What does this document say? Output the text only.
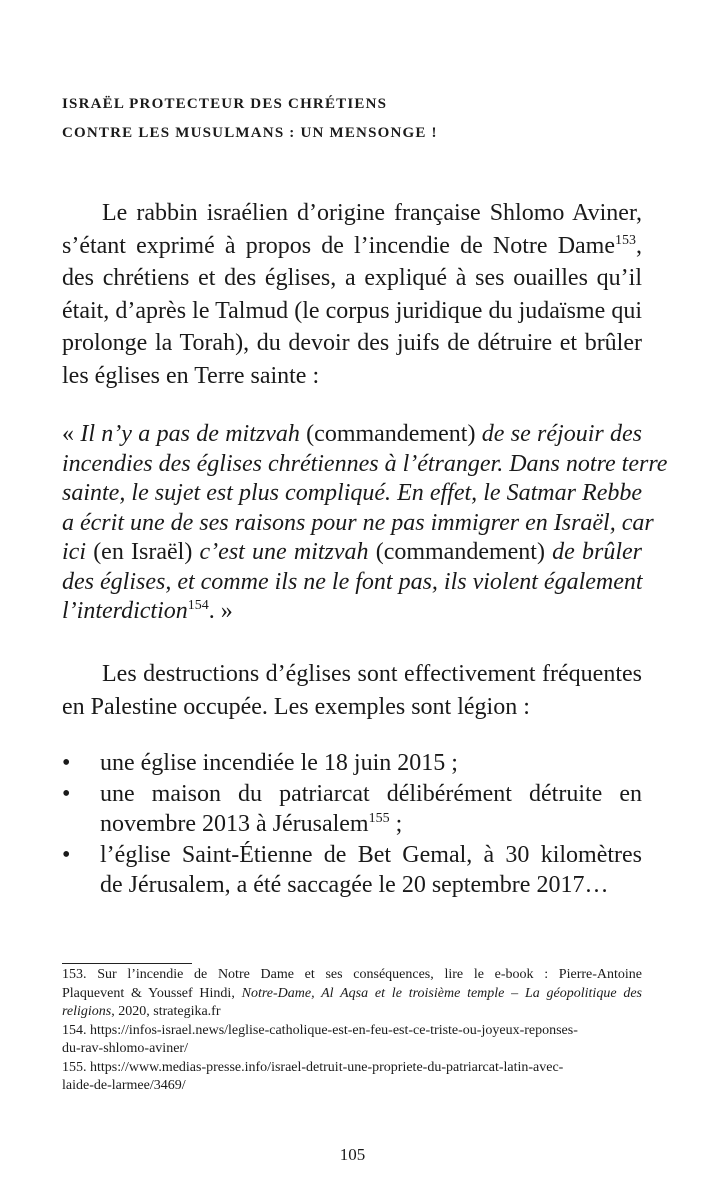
ISRAËL PROTECTEUR DES CHRÉTIENS
CONTRE LES MUSULMANS : UN MENSONGE !
Le rabbin israélien d’origine française Shlomo Aviner,
s’étant exprimé à propos de l’incendie de Notre Dame$^{153}$,
des chrétiens et des églises, a expliqué à ses ouailles qu’il
était, d’après le Talmud (le corpus juridique du judaïsme qui
prolonge la Torah), du devoir des juifs de détruire et brûler
les églises en Terre sainte :
« Il n’y a pas de mitzvah (commandement) de se réjouir des
incendies des églises chrétiennes à l’étranger. Dans notre terre
sainte, le sujet est plus compliqué. En effet, le Satmar Rebbe
a écrit une de ses raisons pour ne pas immigrer en Israël, car
ici (en Israël) c’est une mitzvah (commandement) de brûler
des églises, et comme ils ne le font pas, ils violent également
l’interdiction$^{154}$. »
Les destructions d’églises sont effectivement fréquentes
en Palestine occupée. Les exemples sont légion :
•	une église incendiée le 18 juin 2015 ;
•	une maison du patriarcat délibérément détruite en
novembre 2013 à Jérusalem$^{155}$ ;
•	l’église Saint-Étienne de Bet Gemal, à 30 kilomètres
de Jérusalem, a été saccagée le 20 septembre 2017…
153. Sur l’incendie de Notre Dame et ses conséquences, lire le e-book : Pierre-Antoine
Plaquevent & Youssef Hindi, Notre-Dame, Al Aqsa et le troisième temple – La géopolitique des
religions, 2020, strategika.fr
154. https://infos-israel.news/leglise-catholique-est-en-feu-est-ce-triste-ou-joyeux-reponses-
du-rav-shlomo-aviner/
155. https://www.medias-presse.info/israel-detruit-une-propriete-du-patriarcat-latin-avec-
laide-de-larmee/3469/
105
